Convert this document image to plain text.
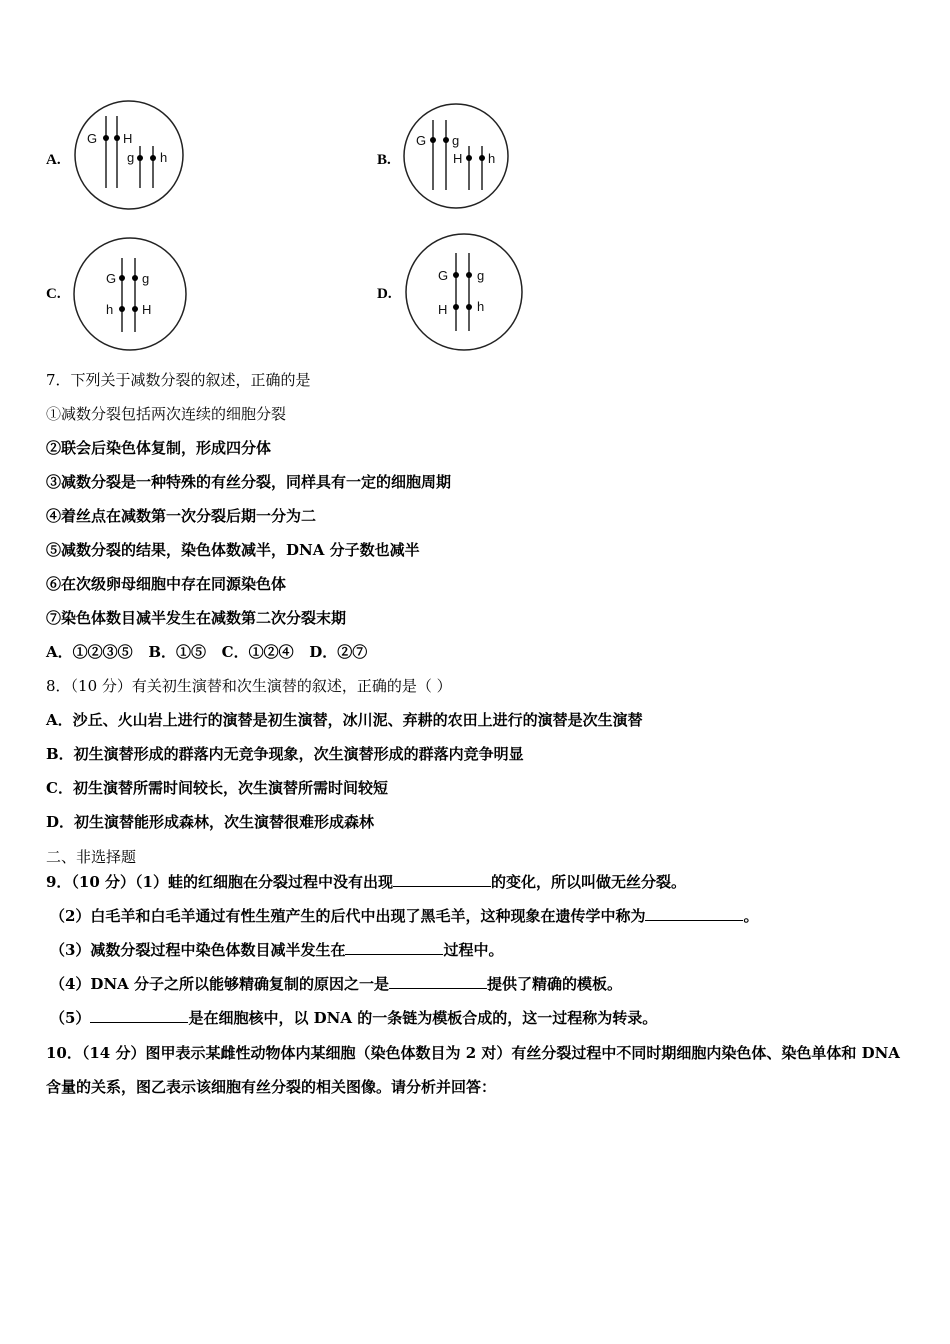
A.
G H
g h	B.
G g
H h
C.
G g
h H
D.
G g
H h
7．下列关于减数分裂的叙述，正确的是
①减数分裂包括两次连续的细胞分裂
②联会后染色体复制，形成四分体
③减数分裂是一种特殊的有丝分裂，同样具有一定的细胞周期
④着丝点在减数第一次分裂后期一分为二
⑤减数分裂的结果，染色体数减半，DNA 分子数也减半
⑥在次级卵母细胞中存在同源染色体
⑦染色体数目减半发生在减数第二次分裂末期
A．①②③⑤ B．①⑤ C．①②④ D．②⑦
8．（10 分）有关初生演替和次生演替的叙述，正确的是（ ）
A．沙丘、火山岩上进行的演替是初生演替，冰川泥、弃耕的农田上进行的演替是次生演替
B．初生演替形成的群落内无竞争现象，次生演替形成的群落内竞争明显
C．初生演替所需时间较长，次生演替所需时间较短
D．初生演替能形成森林，次生演替很难形成森林
二、非选择题
9．（10 分）（1）蛙的红细胞在分裂过程中没有出现	的变化，所以叫做无丝分裂。
（2）白毛羊和白毛羊通过有性生殖产生的后代中出现了黑毛羊，这种现象在遗传学中称为	。
（3）减数分裂过程中染色体数目减半发生在	过程中。
（4）DNA 分子之所以能够精确复制的原因之一是	提供了精确的模板。
（5）	是在细胞核中，以 DNA 的一条链为模板合成的，这一过程称为转录。
10．（14 分）图甲表示某雌性动物体内某细胞（染色体数目为 2 对）有丝分裂过程中不同时期细胞内染色体、染色单体和 DNA 含量的关系，图乙表示该细胞有丝分裂的相关图像。请分析并回答：
